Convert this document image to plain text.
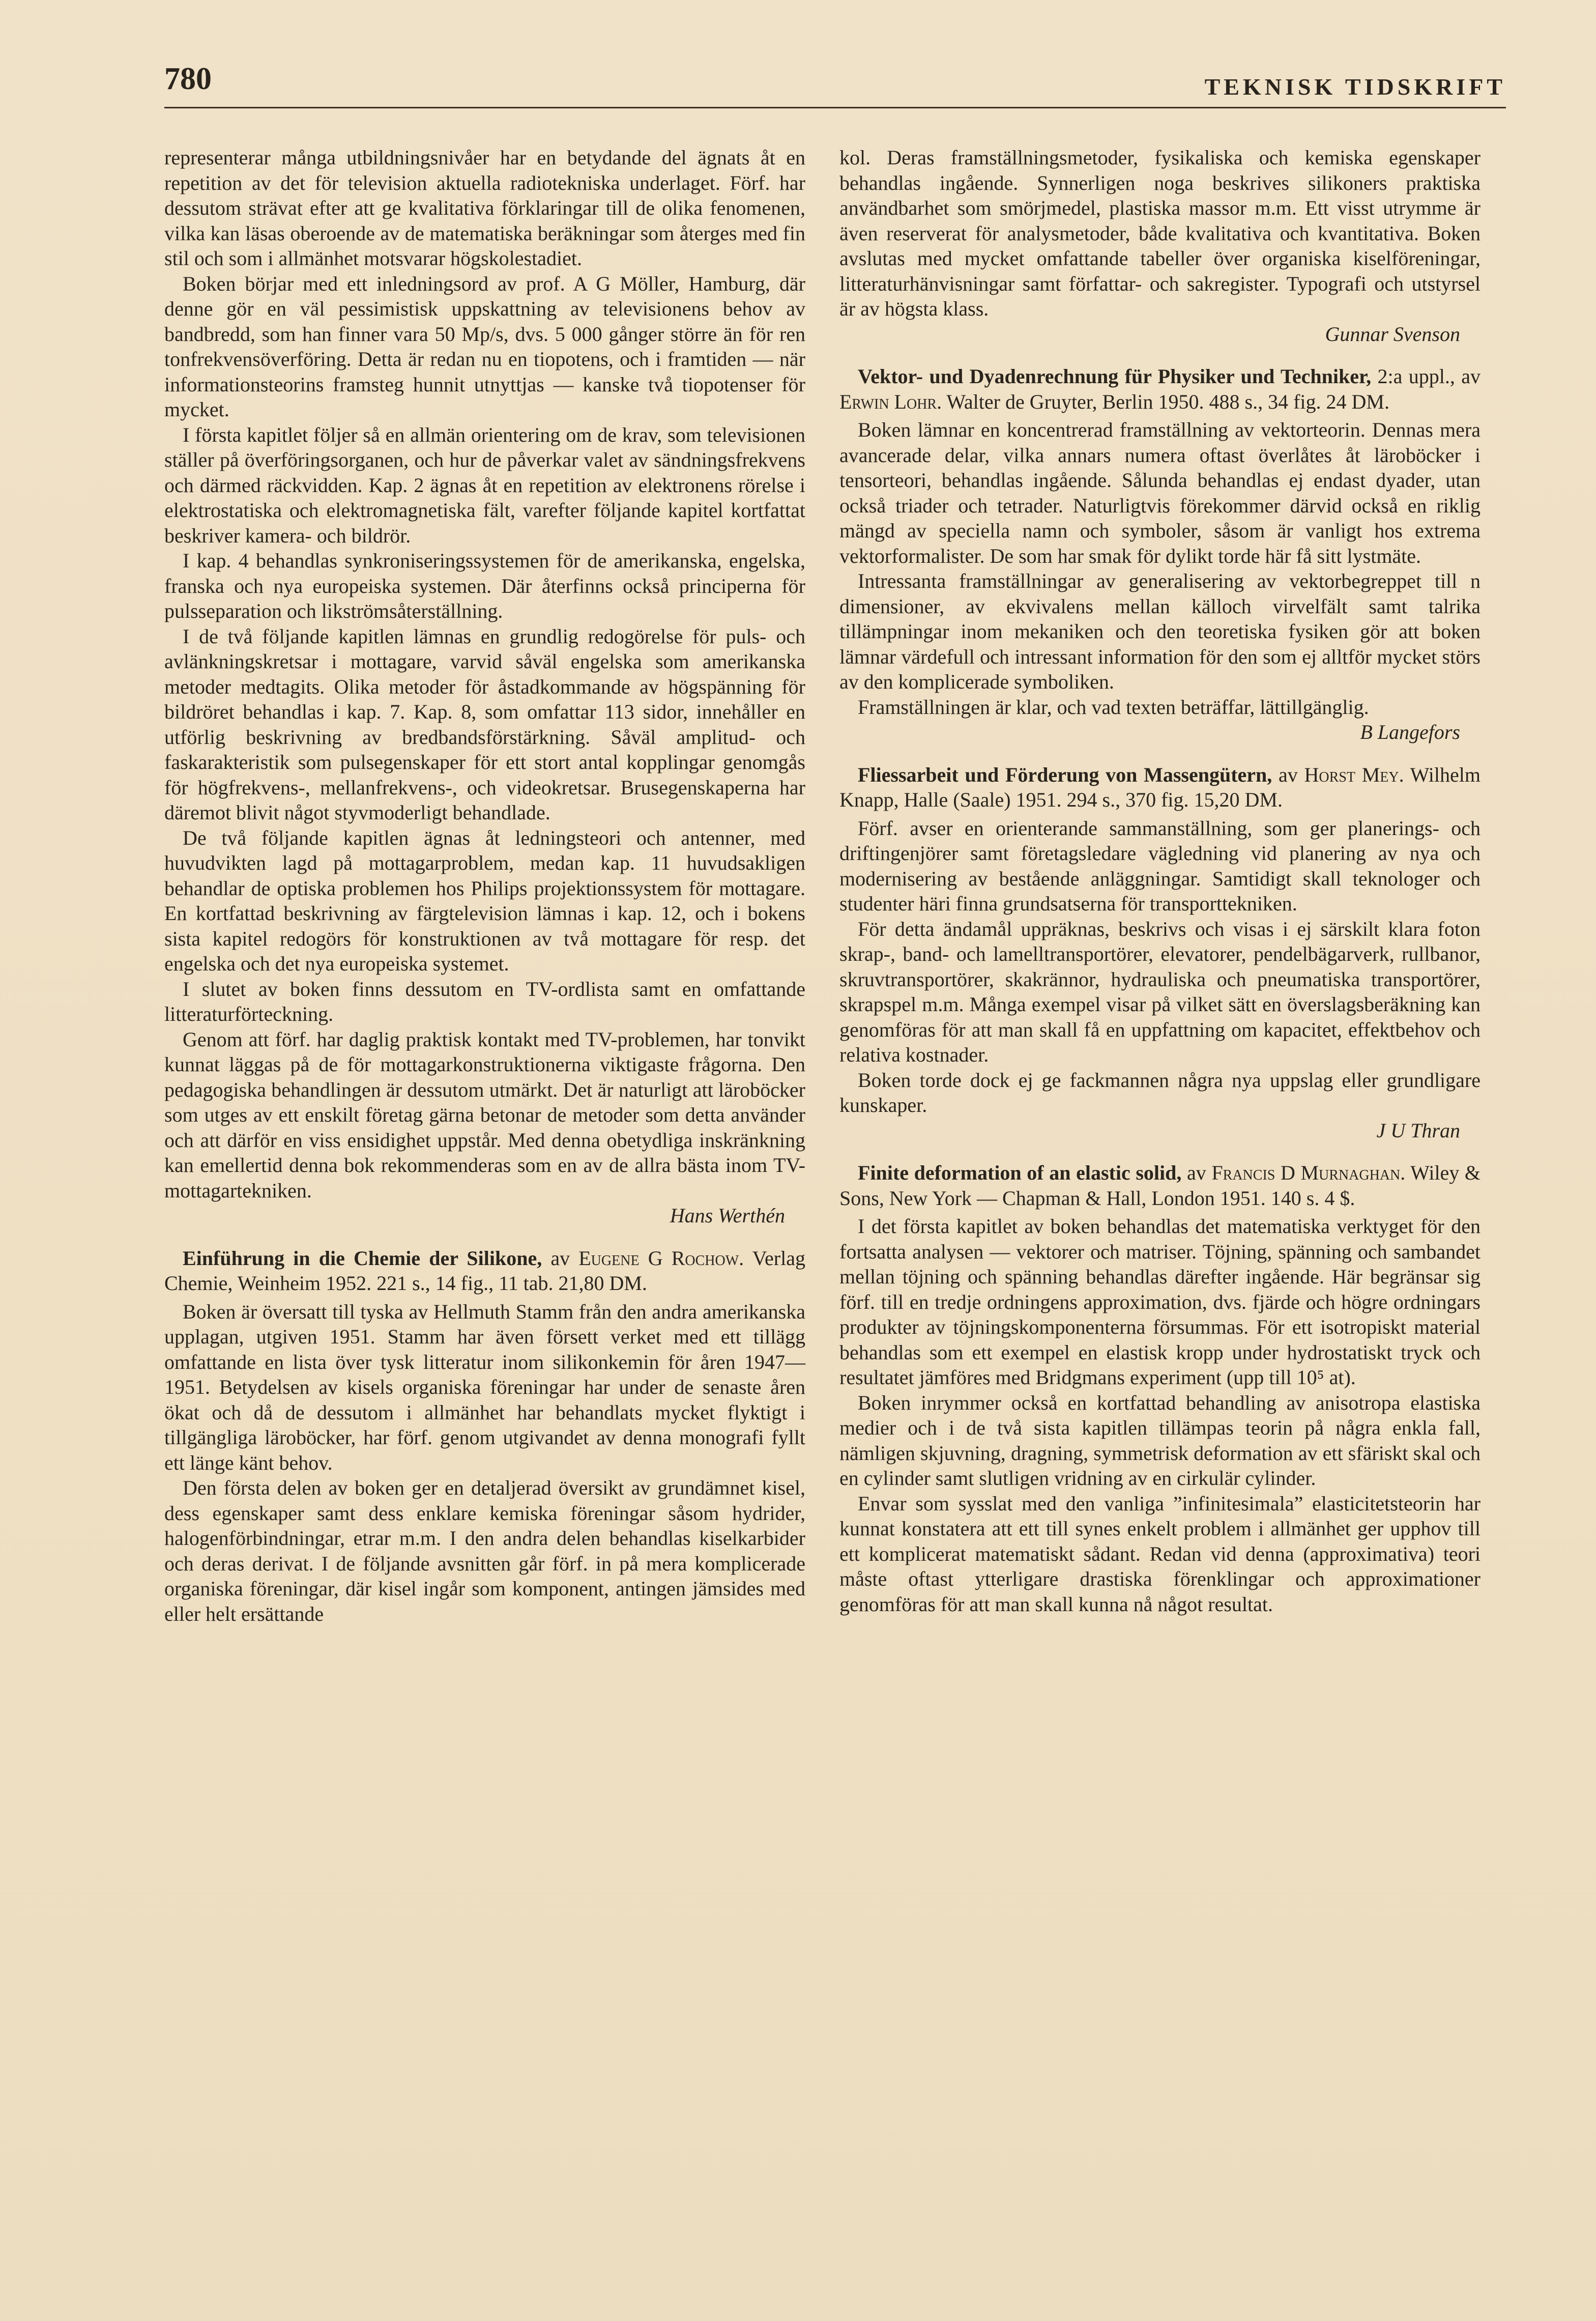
780	TEKNISK TIDSKRIFT

representerar många utbildningsnivåer har en betydande del ägnats åt en repetition av det för television aktuella radiotekniska underlaget. Förf. har dessutom strävat efter att ge kvalitativa förklaringar till de olika fenomenen, vilka kan läsas oberoende av de matematiska beräkningar som återges med fin stil och som i allmänhet motsvarar högskolestadiet.

Boken börjar med ett inledningsord av prof. A G Möller, Hamburg, där denne gör en väl pessimistisk uppskattning av televisionens behov av bandbredd, som han finner vara 50 Mp/s, dvs. 5 000 gånger större än för ren tonfrekvensöverföring. Detta är redan nu en tiopotens, och i framtiden — när informationsteorins framsteg hunnit utnyttjas — kanske två tiopotenser för mycket.

I första kapitlet följer så en allmän orientering om de krav, som televisionen ställer på överföringsorganen, och hur de påverkar valet av sändningsfrekvens och därmed räckvidden. Kap. 2 ägnas åt en repetition av elektronens rörelse i elektrostatiska och elektromagnetiska fält, varefter följande kapitel kortfattat beskriver kamera- och bildrör.

I kap. 4 behandlas synkroniseringssystemen för de amerikanska, engelska, franska och nya europeiska systemen. Där återfinns också principerna för pulsseparation och likströmsåterställning.

I de två följande kapitlen lämnas en grundlig redogörelse för puls- och avlänkningskretsar i mottagare, varvid såväl engelska som amerikanska metoder medtagits. Olika metoder för åstadkommande av högspänning för bildröret behandlas i kap. 7. Kap. 8, som omfattar 113 sidor, innehåller en utförlig beskrivning av bredbandsförstärkning. Såväl amplitud- och faskarakteristik som pulsegenskaper för ett stort antal kopplingar genomgås för högfrekvens-, mellanfrekvens-, och videokretsar. Brusegenskaperna har däremot blivit något styvmoderligt behandlade.

De två följande kapitlen ägnas åt ledningsteori och antenner, med huvudvikten lagd på mottagarproblem, medan kap. 11 huvudsakligen behandlar de optiska problemen hos Philips projektionssystem för mottagare. En kortfattad beskrivning av färgtelevision lämnas i kap. 12, och i bokens sista kapitel redogörs för konstruktionen av två mottagare för resp. det engelska och det nya europeiska systemet.

I slutet av boken finns dessutom en TV-ordlista samt en omfattande litteraturförteckning.

Genom att förf. har daglig praktisk kontakt med TV-problemen, har tonvikt kunnat läggas på de för mottagarkonstruktionerna viktigaste frågorna. Den pedagogiska behandlingen är dessutom utmärkt. Det är naturligt att läroböcker som utges av ett enskilt företag gärna betonar de metoder som detta använder och att därför en viss ensidighet uppstår. Med denna obetydliga inskränkning kan emellertid denna bok rekommenderas som en av de allra bästa inom TV-mottagartekniken.

Hans Werthén
Einführung in die Chemie der Silikone, av Eugene G Rochow. Verlag Chemie, Weinheim 1952. 221 s., 14 fig., 11 tab. 21,80 DM.

Boken är översatt till tyska av Hellmuth Stamm från den andra amerikanska upplagan, utgiven 1951. Stamm har även försett verket med ett tillägg omfattande en lista över tysk litteratur inom silikonkemin för åren 1947—1951. Betydelsen av kisels organiska föreningar har under de senaste åren ökat och då de dessutom i allmänhet har behandlats mycket flyktigt i tillgängliga läroböcker, har förf. genom utgivandet av denna monografi fyllt ett länge känt behov.

Den första delen av boken ger en detaljerad översikt av grundämnet kisel, dess egenskaper samt dess enklare kemiska föreningar såsom hydrider, halogenförbindningar, etrar m.m. I den andra delen behandlas kiselkarbider och deras derivat. I de följande avsnitten går förf. in på mera komplicerade organiska föreningar, där kisel ingår som komponent, antingen jämsides med eller helt ersättande

kol. Deras framställningsmetoder, fysikaliska och kemiska egenskaper behandlas ingående. Synnerligen noga beskrives silikoners praktiska användbarhet som smörjmedel, plastiska massor m.m. Ett visst utrymme är även reserverat för analysmetoder, både kvalitativa och kvantitativa. Boken avslutas med mycket omfattande tabeller över organiska kiselföreningar, litteraturhänvisningar samt författar- och sakregister. Typografi och utstyrsel är av högsta klass.

Gunnar Svenson
Vektor- und Dyadenrechnung für Physiker und Techniker, 2:a uppl., av Erwin Lohr. Walter de Gruyter, Berlin 1950. 488 s., 34 fig. 24 DM.

Boken lämnar en koncentrerad framställning av vektorteorin. Dennas mera avancerade delar, vilka annars numera oftast överlåtes åt läroböcker i tensorteori, behandlas ingående. Sålunda behandlas ej endast dyader, utan också triader och tetrader. Naturligtvis förekommer därvid också en riklig mängd av speciella namn och symboler, såsom är vanligt hos extrema vektorformalister. De som har smak för dylikt torde här få sitt lystmäte.

Intressanta framställningar av generalisering av vektorbegreppet till n dimensioner, av ekvivalens mellan källoch virvelfält samt talrika tillämpningar inom mekaniken och den teoretiska fysiken gör att boken lämnar värdefull och intressant information för den som ej alltför mycket störs av den komplicerade symboliken.

Framställningen är klar, och vad texten beträffar, lättillgänglig.

B Langefors
Fliessarbeit und Förderung von Massengütern, av Horst Mey. Wilhelm Knapp, Halle (Saale) 1951. 294 s., 370 fig. 15,20 DM.

Förf. avser en orienterande sammanställning, som ger planerings- och driftingenjörer samt företagsledare vägledning vid planering av nya och modernisering av bestående anläggningar. Samtidigt skall teknologer och studenter häri finna grundsatserna för transporttekniken.

För detta ändamål uppräknas, beskrivs och visas i ej särskilt klara foton skrap-, band- och lamelltransportörer, elevatorer, pendelbägarverk, rullbanor, skruvtransportörer, skakrännor, hydrauliska och pneumatiska transportörer, skrapspel m.m. Många exempel visar på vilket sätt en överslagsberäkning kan genomföras för att man skall få en uppfattning om kapacitet, effektbehov och relativa kostnader.

Boken torde dock ej ge fackmannen några nya uppslag eller grundligare kunskaper.

J U Thran
Finite deformation of an elastic solid, av Francis D Murnaghan. Wiley & Sons, New York — Chapman & Hall, London 1951. 140 s. 4 $.

I det första kapitlet av boken behandlas det matematiska verktyget för den fortsatta analysen — vektorer och matriser. Töjning, spänning och sambandet mellan töjning och spänning behandlas därefter ingående. Här begränsar sig förf. till en tredje ordningens approximation, dvs. fjärde och högre ordningars produkter av töjningskomponenterna försummas. För ett isotropiskt material behandlas som ett exempel en elastisk kropp under hydrostatiskt tryck och resultatet jämföres med Bridgmans experiment (upp till 10⁵ at).

Boken inrymmer också en kortfattad behandling av anisotropa elastiska medier och i de två sista kapitlen tillämpas teorin på några enkla fall, nämligen skjuvning, dragning, symmetrisk deformation av ett sfäriskt skal och en cylinder samt slutligen vridning av en cirkulär cylinder.

Envar som sysslat med den vanliga ”infinitesimala” elasticitetsteorin har kunnat konstatera att ett till synes enkelt problem i allmänhet ger upphov till ett komplicerat matematiskt sådant. Redan vid denna (approximativa) teori måste oftast ytterligare drastiska förenklingar och approximationer genomföras för att man skall kunna nå något resultat.
